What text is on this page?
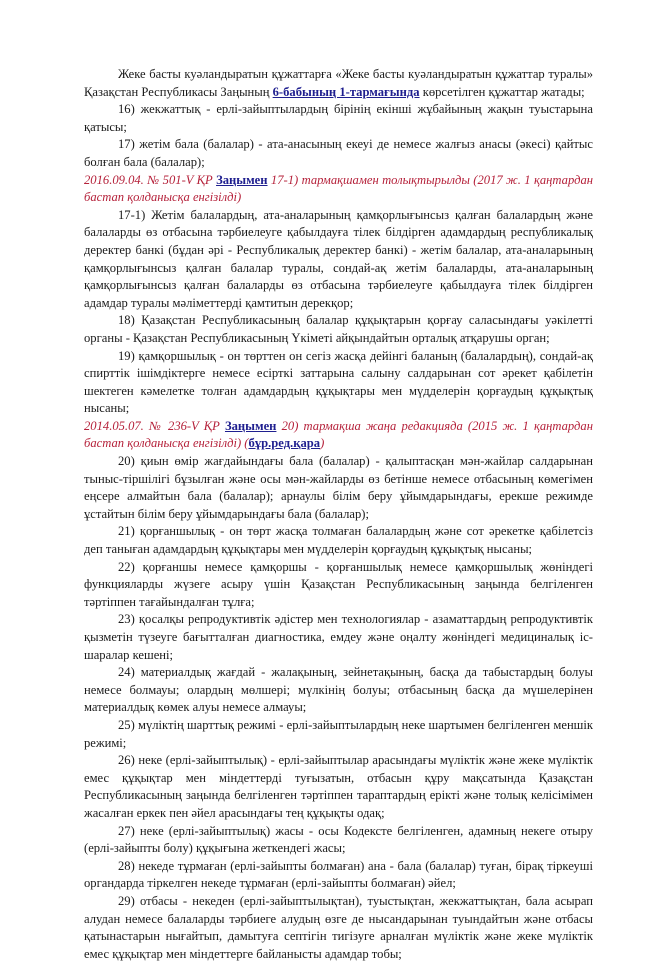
Жеке басты куәландыратын құжаттарға «Жеке басты куәландыратын құжаттар туралы» Қазақстан Республикасы Заңының 6-бабының 1-тармағында көрсетілген құжаттар жатады;

16) жекжаттық - ерлі-зайыптылардың бірінің екінші жұбайының жақын туыстарына қатысы;

17) жетім бала (балалар) - ата-анасының екеуі де немесе жалғыз анасы (әкесі) қайтыс болған бала (балалар);

2016.09.04. № 501-V ҚР Заңымен 17-1) тармақшамен толықтырылды (2017 ж. 1 қаңтардан бастап қолданысқа енгізілді)

17-1) Жетім балалардың, ата-аналарының қамқорлығынсыз қалған балалардың және балаларды өз отбасына тәрбиелеуге қабылдауға тілек білдірген адамдардың республикалық деректер банкі (бұдан әрі - Республикалық деректер банкі) - жетім балалар, ата-аналарының қамқорлығынсыз қалған балалар туралы, сондай-ақ жетім балаларды, ата-аналарының қамқорлығынсыз қалған балаларды өз отбасына тәрбиелеуге қабылдауға тілек білдірген адамдар туралы мәліметтерді қамтитын дерекқор;

18) Қазақстан Республикасының балалар құқықтарын қорғау саласындағы уәкілетті органы - Қазақстан Республикасының Үкіметі айқындайтын орталық атқарушы орган;

19) қамқоршылық - он төрттен он сегіз жасқа дейінгі баланың (балалардың), сондай-ақ спирттік ішімдіктерге немесе есірткі заттарына салыну салдарынан сот әрекет қабілетін шектеген кәмелетке толған адамдардың құқықтары мен мүдделерін қорғаудың құқықтық нысаны;

2014.05.07. № 236-V ҚР Заңымен 20) тармақша жаңа редакцияда (2015 ж. 1 қаңтардан бастап қолданысқа енгізілді) (бұр.ред.қара)

20) қиын өмір жағдайындағы бала (балалар) - қалыптасқан мән-жайлар салдарынан тыныс-тіршілігі бұзылған және осы мән-жайларды өз бетінше немесе отбасының көмегімен еңсере алмайтын бала (балалар); арнаулы білім беру ұйымдарындағы, ерекше режимде ұстайтын білім беру ұйымдарындағы бала (балалар);

21) қорғаншылық - он төрт жасқа толмаған балалардың және сот әрекетке қабілетсіз деп таныған адамдардың құқықтары мен мүдделерін қорғаудың құқықтық нысаны;

22) қорғаншы немесе қамқоршы - қорғаншылық немесе қамқоршылық жөніндегі функцияларды жүзеге асыру үшін Қазақстан Республикасының заңында белгіленген тәртіппен тағайындалған тұлға;

23) қосалқы репродуктивтік әдістер мен технологиялар - азаматтардың репродуктивтік қызметін түзеуге бағытталған диагностика, емдеу және оңалту жөніндегі медициналық іс-шаралар кешені;

24) материалдық жағдай - жалақының, зейнетақының, басқа да табыстардың болуы немесе болмауы; олардың мөлшері; мүлкінің болуы; отбасының басқа да мүшелерінен материалдық көмек алуы немесе алмауы;

25) мүліктің шарттық режимі - ерлі-зайыптылардың неке шартымен белгіленген меншік режимі;

26) неке (ерлі-зайыптылық) - ерлі-зайыптылар арасындағы мүліктік және жеке мүліктік емес құқықтар мен міндеттерді туғызатын, отбасын құру мақсатында Қазақстан Республикасының заңында белгіленген тәртіппен тараптардың ерікті және толық келісімімен жасалған еркек пен әйел арасындағы тең құқықты одақ;

27) неке (ерлі-зайыптылық) жасы - осы Кодексте белгіленген, адамның некеге отыру (ерлі-зайыпты болу) құқығына жеткендегі жасы;

28) некеде тұрмаған (ерлі-зайыпты болмаған) ана - бала (балалар) туған, бірақ тіркеуші органдарда тіркелген некеде тұрмаған (ерлі-зайыпты болмаған) әйел;

29) отбасы - некеден (ерлі-зайыптылықтан), туыстықтан, жекжаттықтан, бала асырап алудан немесе балаларды тәрбиеге алудың өзге де нысандарынан туындайтын және отбасы қатынастарын нығайтып, дамытуға септігін тигізуге арналған мүліктік және жеке мүліктік емес құқықтар мен міндеттерге байланысты адамдар тобы;
